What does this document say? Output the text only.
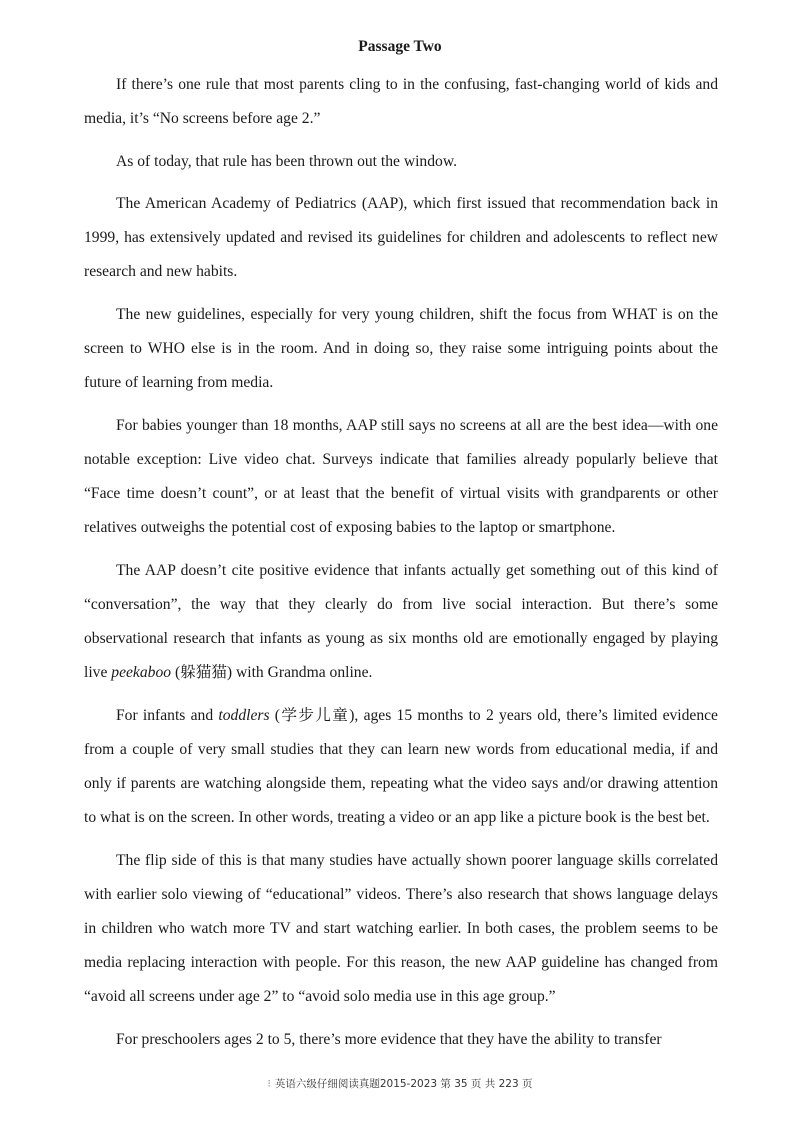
Passage Two

If there’s one rule that most parents cling to in the confusing, fast-changing world of kids and media, it’s “No screens before age 2.”

As of today, that rule has been thrown out the window.

The American Academy of Pediatrics (AAP), which first issued that recommendation back in 1999, has extensively updated and revised its guidelines for children and adolescents to reflect new research and new habits.

The new guidelines, especially for very young children, shift the focus from WHAT is on the screen to WHO else is in the room. And in doing so, they raise some intriguing points about the future of learning from media.

For babies younger than 18 months, AAP still says no screens at all are the best idea—with one notable exception: Live video chat. Surveys indicate that families already popularly believe that “Face time doesn’t count”, or at least that the benefit of virtual visits with grandparents or other relatives outweighs the potential cost of exposing babies to the laptop or smartphone.

The AAP doesn’t cite positive evidence that infants actually get something out of this kind of “conversation”, the way that they clearly do from live social interaction. But there’s some observational research that infants as young as six months old are emotionally engaged by playing live peekaboo (躲猫猫) with Grandma online.

For infants and toddlers (学步儿童), ages 15 months to 2 years old, there’s limited evidence from a couple of very small studies that they can learn new words from educational media, if and only if parents are watching alongside them, repeating what the video says and/or drawing attention to what is on the screen. In other words, treating a video or an app like a picture book is the best bet.

The flip side of this is that many studies have actually shown poorer language skills correlated with earlier solo viewing of “educational” videos. There’s also research that shows language delays in children who watch more TV and start watching earlier. In both cases, the problem seems to be media replacing interaction with people. For this reason, the new AAP guideline has changed from “avoid all screens under age 2” to “avoid solo media use in this age group.”

For preschoolers ages 2 to 5, there’s more evidence that they have the ability to transfer

⁝ 英语六级仔细阅读真题2015-2023 第 35 页 共 223 页
